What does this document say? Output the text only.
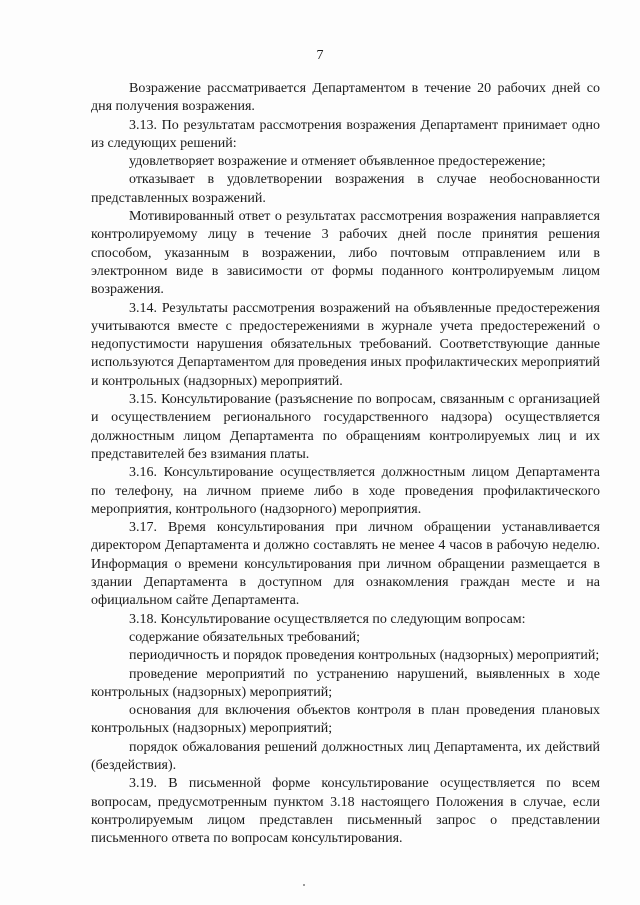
7

Возражение рассматривается Департаментом в течение 20 рабочих дней со дня получения возражения.

3.13. По результатам рассмотрения возражения Департамент принимает одно из следующих решений:

удовлетворяет возражение и отменяет объявленное предостережение;

отказывает в удовлетворении возражения в случае необоснованности представленных возражений.

Мотивированный ответ о результатах рассмотрения возражения направляется контролируемому лицу в течение 3 рабочих дней после принятия решения способом, указанным в возражении, либо почтовым отправлением или в электронном виде в зависимости от формы поданного контролируемым лицом возражения.

3.14. Результаты рассмотрения возражений на объявленные предостережения учитываются вместе с предостережениями в журнале учета предостережений о недопустимости нарушения обязательных требований. Соответствующие данные используются Департаментом для проведения иных профилактических мероприятий и контрольных (надзорных) мероприятий.

3.15. Консультирование (разъяснение по вопросам, связанным с организацией и осуществлением регионального государственного надзора) осуществляется должностным лицом Департамента по обращениям контролируемых лиц и их представителей без взимания платы.

3.16. Консультирование осуществляется должностным лицом Департамента по телефону, на личном приеме либо в ходе проведения профилактического мероприятия, контрольного (надзорного) мероприятия.

3.17. Время консультирования при личном обращении устанавливается директором Департамента и должно составлять не менее 4 часов в рабочую неделю. Информация о времени консультирования при личном обращении размещается в здании Департамента в доступном для ознакомления граждан месте и на официальном сайте Департамента.

3.18. Консультирование осуществляется по следующим вопросам:

содержание обязательных требований;

периодичность и порядок проведения контрольных (надзорных) мероприятий;

проведение мероприятий по устранению нарушений, выявленных в ходе контрольных (надзорных) мероприятий;

основания для включения объектов контроля в план проведения плановых контрольных (надзорных) мероприятий;

порядок обжалования решений должностных лиц Департамента, их действий (бездействия).

3.19. В письменной форме консультирование осуществляется по всем вопросам, предусмотренным пунктом 3.18 настоящего Положения в случае, если контролируемым лицом представлен письменный запрос о представлении письменного ответа по вопросам консультирования.
